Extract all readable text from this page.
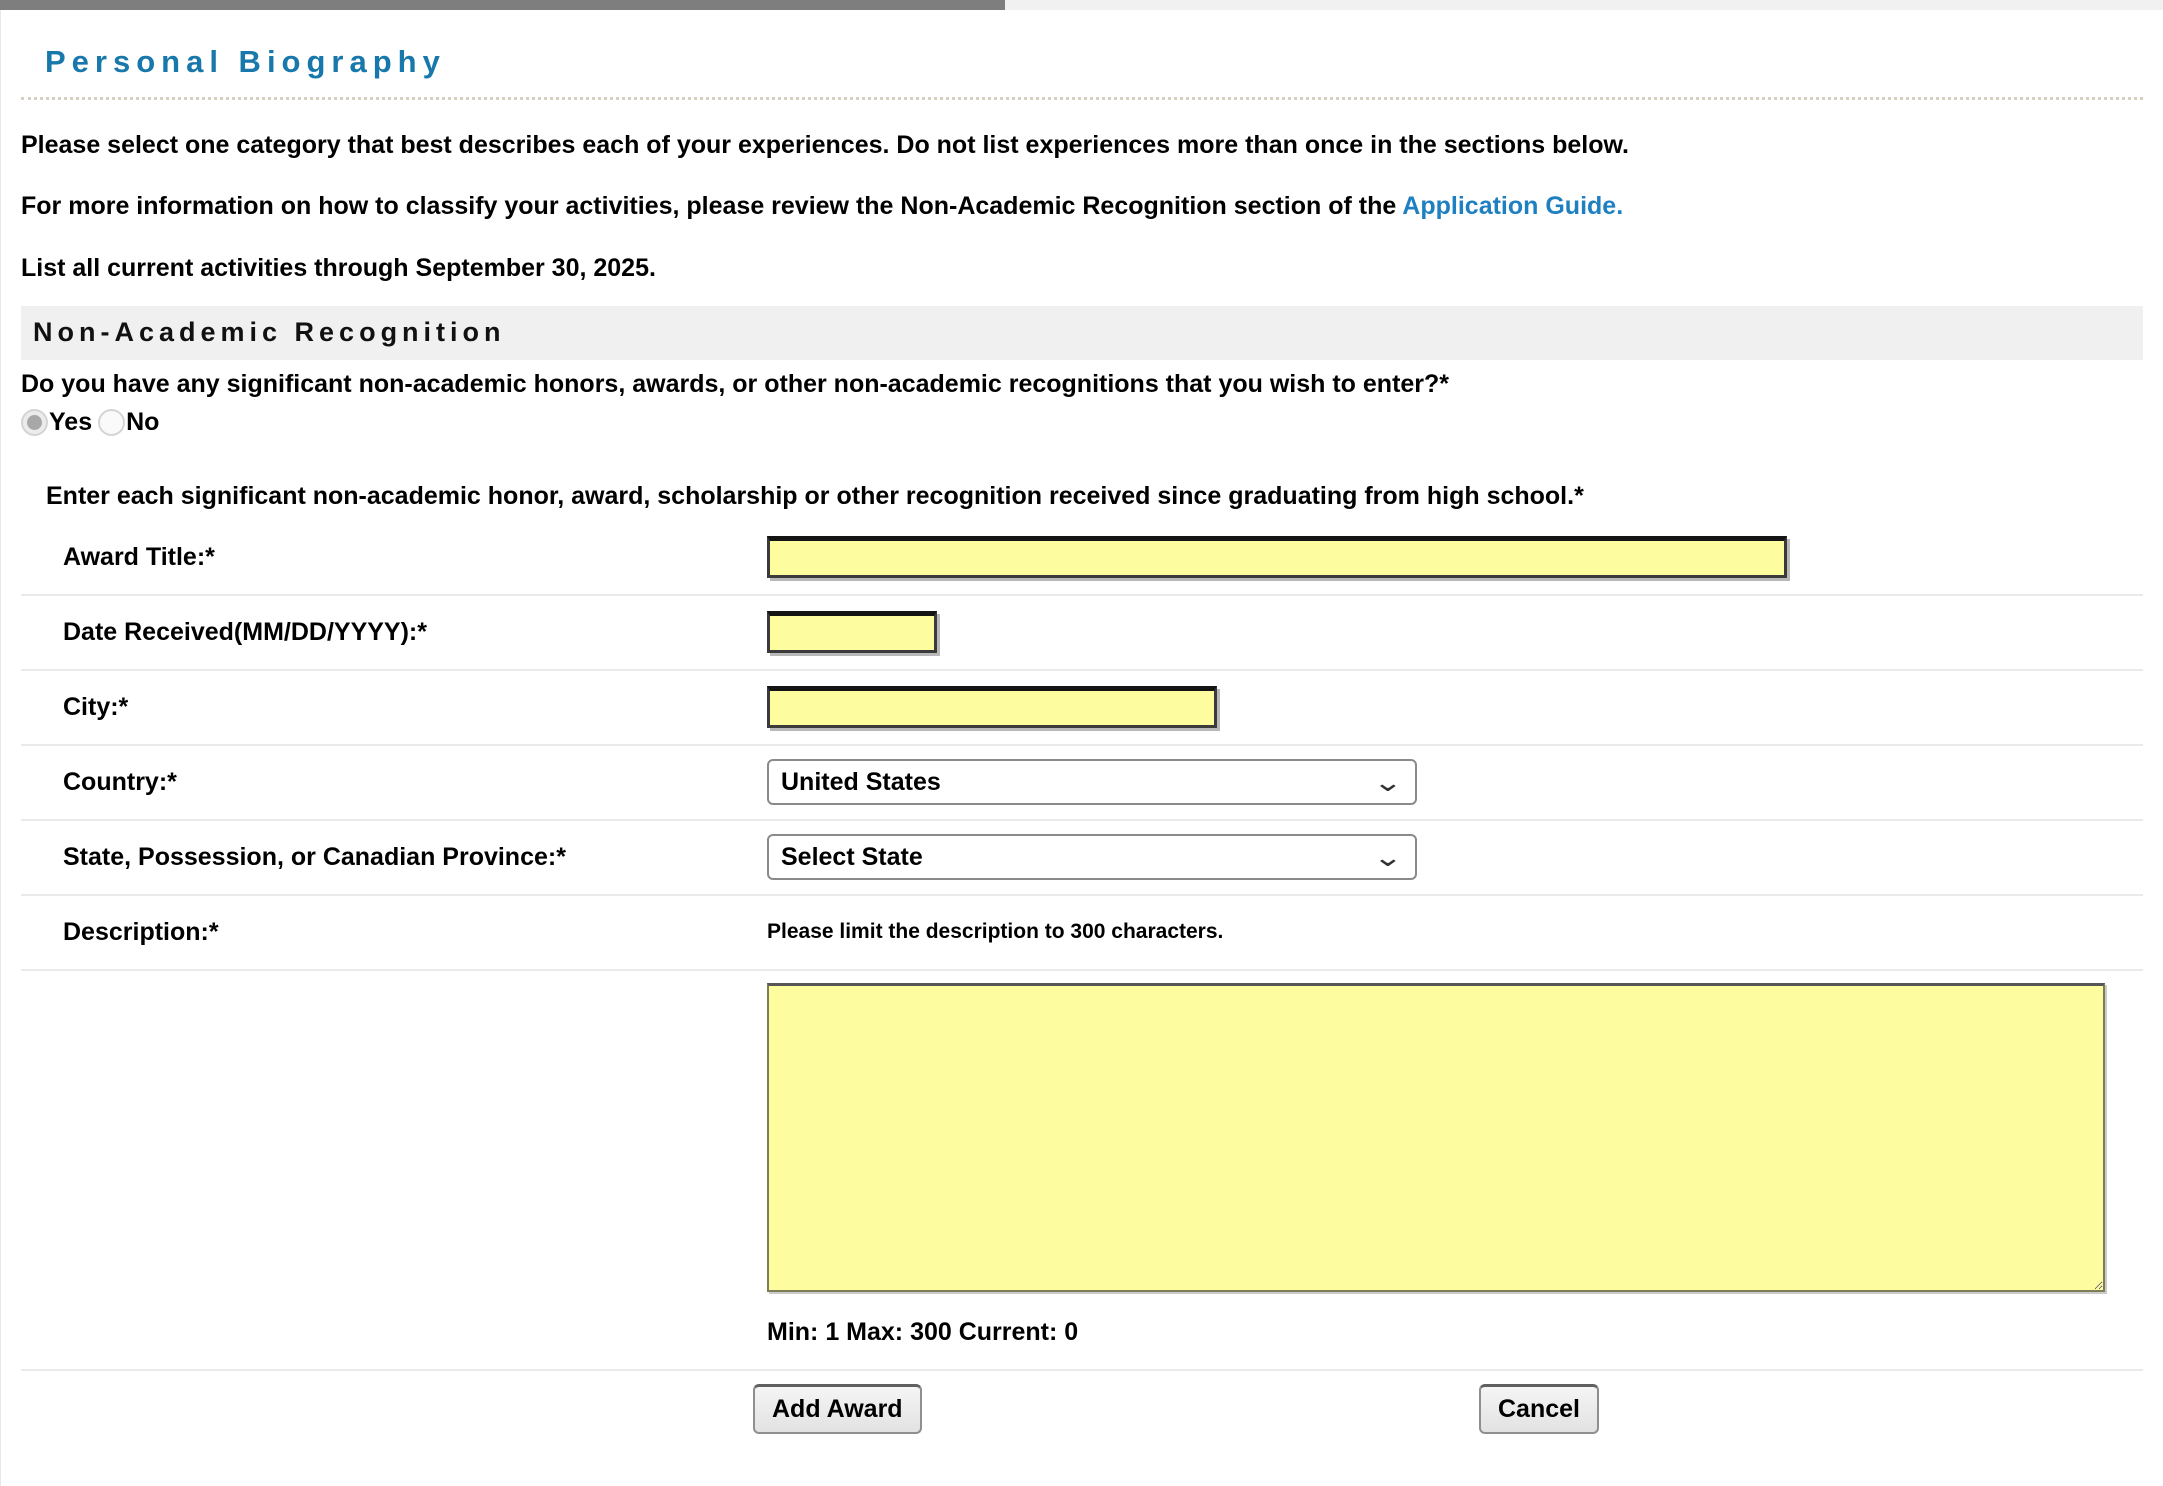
Personal Biography

Please select one category that best describes each of your experiences. Do not list experiences more than once in the sections below.

For more information on how to classify your activities, please review the Non-Academic Recognition section of the Application Guide.

List all current activities through September 30, 2025.

Non-Academic Recognition
Do you have any significant non-academic honors, awards, or other non-academic recognitions that you wish to enter?*
Yes No
Enter each significant non-academic honor, award, scholarship or other recognition received since graduating from high school.*
Award Title:*
Date Received(MM/DD/YYYY):*
City:*
Country:*	United States	⌄
State, Possession, or Canadian Province:*	Select State	⌄
Description:*	Please limit the description to 300 characters.
Min: 1 Max: 300 Current: 0
Add Award	Cancel
